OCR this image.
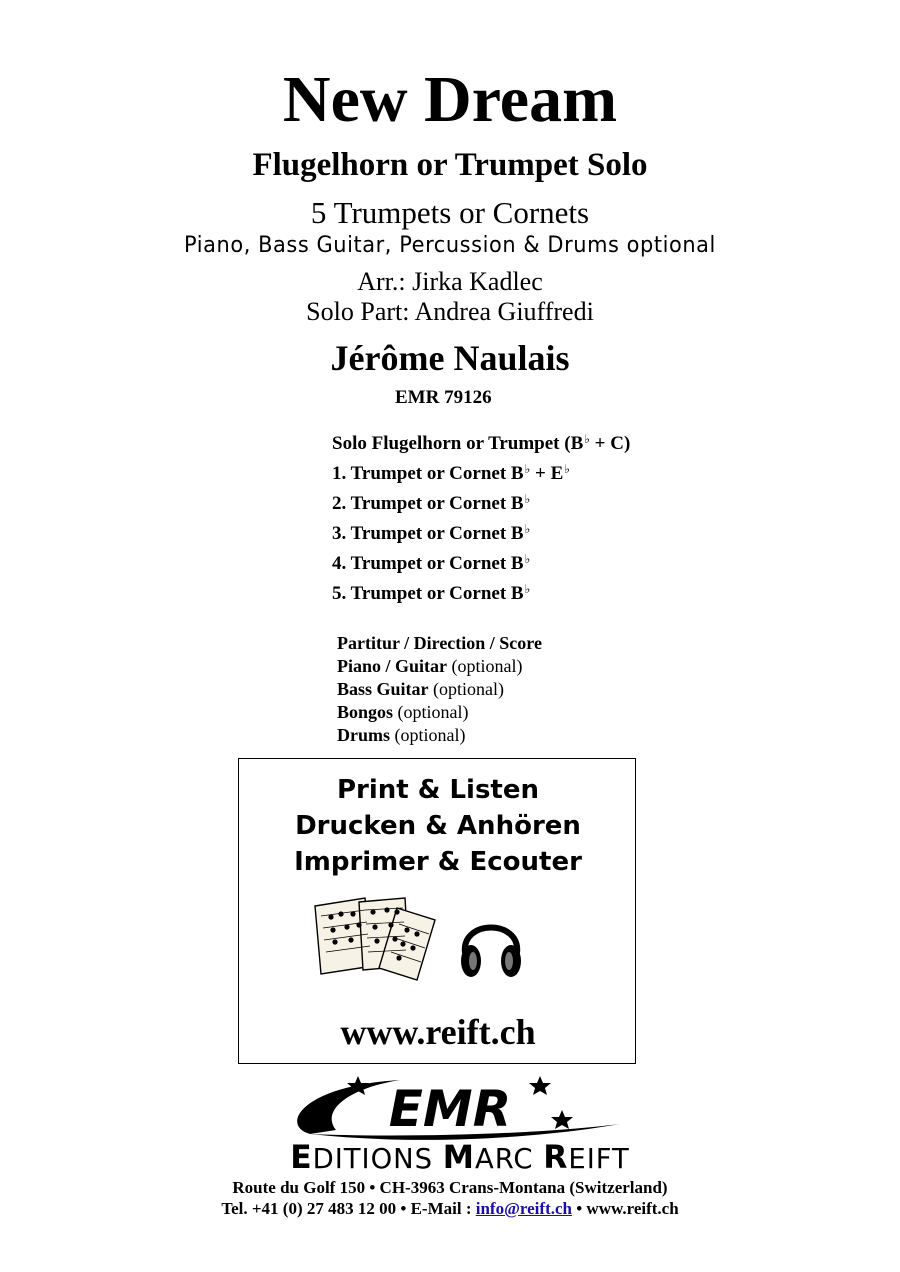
New Dream
Flugelhorn or Trumpet Solo
5 Trumpets or Cornets
Piano, Bass Guitar, Percussion & Drums optional
Arr.: Jirka Kadlec
Solo Part: Andrea Giuffredi
Jérôme Naulais
EMR 79126
Solo Flugelhorn or Trumpet (B♭ + C)
1. Trumpet or Cornet B♭ + E♭
2. Trumpet or Cornet B♭
3. Trumpet or Cornet B♭
4. Trumpet or Cornet B♭
5. Trumpet or Cornet B♭
Partitur / Direction / Score
Piano / Guitar (optional)
Bass Guitar (optional)
Bongos (optional)
Drums (optional)
Print & Listen
Drucken & Anhören
Imprimer & Ecouter
www.reift.ch
EMR
EDITIONS MARC REIFT
Route du Golf 150 • CH-3963 Crans-Montana (Switzerland)
Tel. +41 (0) 27 483 12 00 • E-Mail : info@reift.ch • www.reift.ch
